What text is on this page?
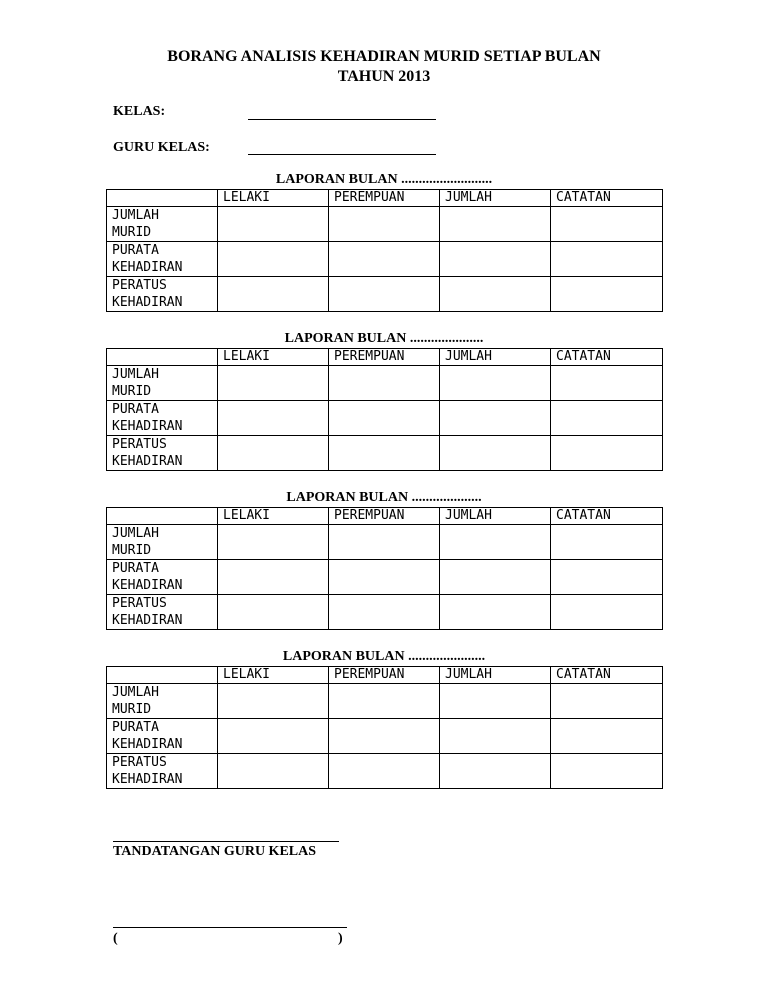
BORANG ANALISIS KEHADIRAN MURID SETIAP BULAN
TAHUN 2013
KELAS:
GURU KELAS:
LAPORAN BULAN ..........................
	LELAKI	PEREMPUAN	JUMLAH	CATATAN

JUMLAH
MURID				

PURATA
KEHADIRAN				

PERATUS
KEHADIRAN				

LAPORAN BULAN .....................
	LELAKI	PEREMPUAN	JUMLAH	CATATAN

JUMLAH
MURID				

PURATA
KEHADIRAN				

PERATUS
KEHADIRAN				

LAPORAN BULAN ....................
	LELAKI	PEREMPUAN	JUMLAH	CATATAN

JUMLAH
MURID				

PURATA
KEHADIRAN				

PERATUS
KEHADIRAN				

LAPORAN BULAN ......................
	LELAKI	PEREMPUAN	JUMLAH	CATATAN

JUMLAH
MURID				

PURATA
KEHADIRAN				

PERATUS
KEHADIRAN				

TANDATANGAN GURU KELAS
(	)
